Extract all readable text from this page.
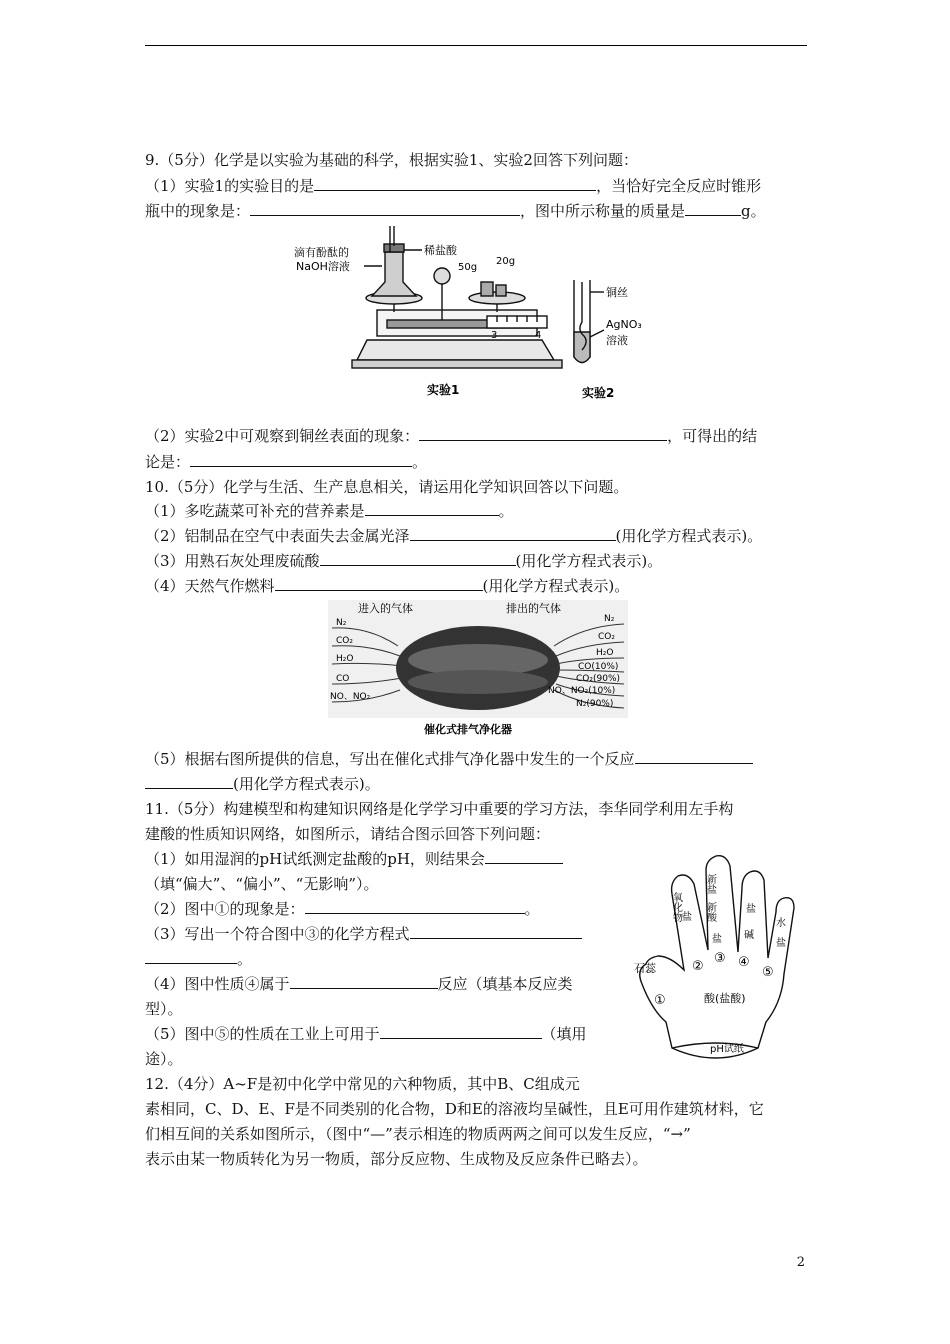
9.（5分）化学是以实验为基础的科学，根据实验1、实验2回答下列问题：
（1）实验1的实验目的是	，当恰好完全反应时锥形
瓶中的现象是：	，图中所示称量的质量是	g。
滴有酚酞的
NaOH溶液
稀盐酸
50g
20g
3	4
铜丝
AgNO₃
溶液
实验1	实验2
（2）实验2中可观察到铜丝表面的现象：	，可得出的结
论是：	。
10.（5分）化学与生活、生产息息相关，请运用化学知识回答以下问题。
（1）多吃蔬菜可补充的营养素是	。
（2）铝制品在空气中表面失去金属光泽	(用化学方程式表示)。
（3）用熟石灰处理废硫酸	(用化学方程式表示)。
（4）天然气作燃料	(用化学方程式表示)。
进入的气体	排出的气体
N₂
CO₂
H₂O
CO
NO、NO₂
N₂
CO₂
H₂O
CO(10%)
CO₂(90%)
NO、NO₂(10%)
N₂(90%)
催化式排气净化器
（5）根据右图所提供的信息，写出在催化式排气净化器中发生的一个反应
(用化学方程式表示)。
11.（5分）构建模型和构建知识网络是化学学习中重要的学习方法，李华同学利用左手构
建酸的性质知识网络，如图所示，请结合图示回答下列问题：
（1）如用湿润的pH试纸测定盐酸的pH，则结果会
（填“偏大”、“偏小”、“无影响”）。
（2）图中①的现象是：	。
（3）写出一个符合图中③的化学方程式
。
（4）图中性质④属于	反应（填基本反应类
型）。
（5）图中⑤的性质在工业上可用于	（填用
途）。
石蕊
氧化物 盐
新盐
新酸
盐
盐
碱
水
盐
①
②
③ ④
⑤
酸(盐酸)
pH试纸
12.（4分）A~F是初中化学中常见的六种物质，其中B、C组成元
素相同，C、D、E、F是不同类别的化合物，D和E的溶液均呈碱性，且E可用作建筑材料，它
们相互间的关系如图所示，（图中“—”表示相连的物质两两之间可以发生反应，“→”
表示由某一物质转化为另一物质，部分反应物、生成物及反应条件已略去）。
2
